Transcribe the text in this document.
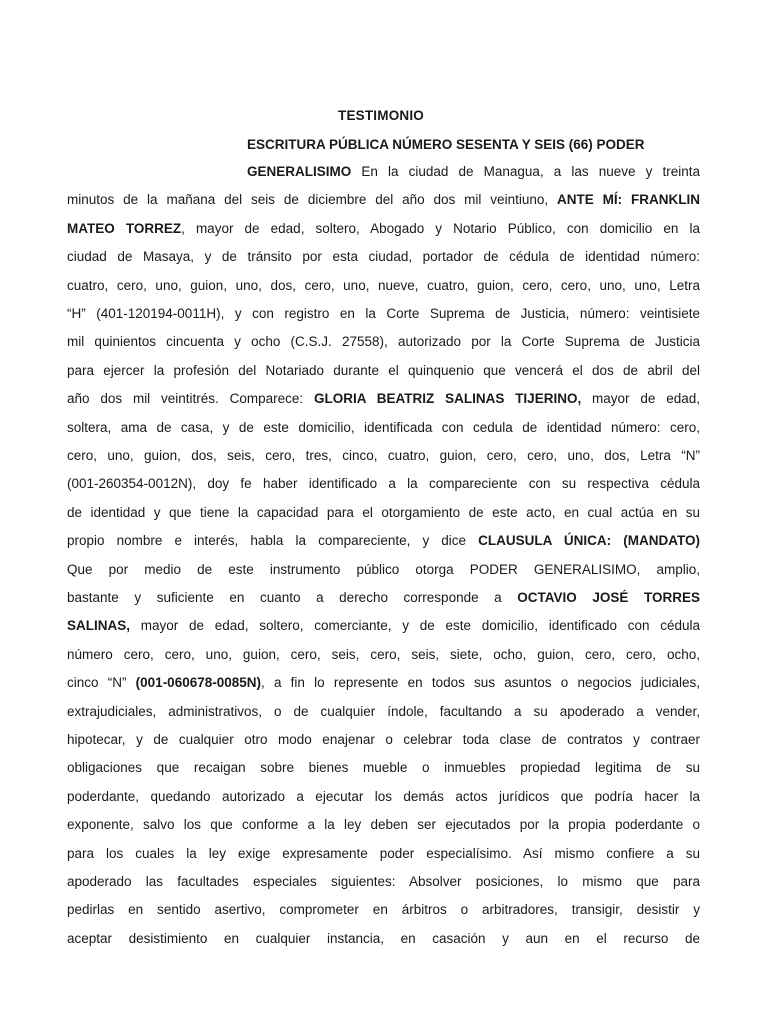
TESTIMONIO
ESCRITURA PÚBLICA NÚMERO SESENTA Y SEIS (66) PODER
GENERALISIMO En la ciudad de Managua, a las nueve y treinta
minutos de la mañana del seis de diciembre del año dos mil veintiuno, ANTE MÍ: FRANKLIN
MATEO TORREZ, mayor de edad, soltero, Abogado y Notario Público, con domicilio en la
ciudad de Masaya, y de tránsito por esta ciudad, portador de cédula de identidad número:
cuatro, cero, uno, guion, uno, dos, cero, uno, nueve, cuatro, guion, cero, cero, uno, uno, Letra
“H” (401-120194-0011H), y con registro en la Corte Suprema de Justicia, número: veintisiete
mil quinientos cincuenta y ocho (C.S.J. 27558), autorizado por la Corte Suprema de Justicia
para ejercer la profesión del Notariado durante el quinquenio que vencerá el dos de abril del
año dos mil veintitrés. Comparece: GLORIA BEATRIZ SALINAS TIJERINO, mayor de edad,
soltera, ama de casa, y de este domicilio, identificada con cedula de identidad número: cero,
cero, uno, guion, dos, seis, cero, tres, cinco, cuatro, guion, cero, cero, uno, dos, Letra “N”
(001-260354-0012N), doy fe haber identificado a la compareciente con su respectiva cédula
de identidad y que tiene la capacidad para el otorgamiento de este acto, en cual actúa en su
propio nombre e interés, habla la compareciente, y dice CLAUSULA ÚNICA: (MANDATO)
Que por medio de este instrumento público otorga PODER GENERALISIMO, amplio,
bastante y suficiente en cuanto a derecho corresponde a OCTAVIO JOSÉ TORRES
SALINAS, mayor de edad, soltero, comerciante, y de este domicilio, identificado con cédula
número cero, cero, uno, guion, cero, seis, cero, seis, siete, ocho, guion, cero, cero, ocho,
cinco “N” (001-060678-0085N), a fin lo represente en todos sus asuntos o negocios judiciales,
extrajudiciales, administrativos, o de cualquier índole, facultando a su apoderado a vender,
hipotecar, y de cualquier otro modo enajenar o celebrar toda clase de contratos y contraer
obligaciones que recaigan sobre bienes mueble o inmuebles propiedad legitima de su
poderdante, quedando autorizado a ejecutar los demás actos jurídicos que podría hacer la
exponente, salvo los que conforme a la ley deben ser ejecutados por la propia poderdante o
para los cuales la ley exige expresamente poder especialísimo. Así mismo confiere a su
apoderado las facultades especiales siguientes: Absolver posiciones, lo mismo que para
pedirlas en sentido asertivo, comprometer en árbitros o arbitradores, transigir, desistir y
aceptar desistimiento en cualquier instancia, en casación y aun en el recurso de
